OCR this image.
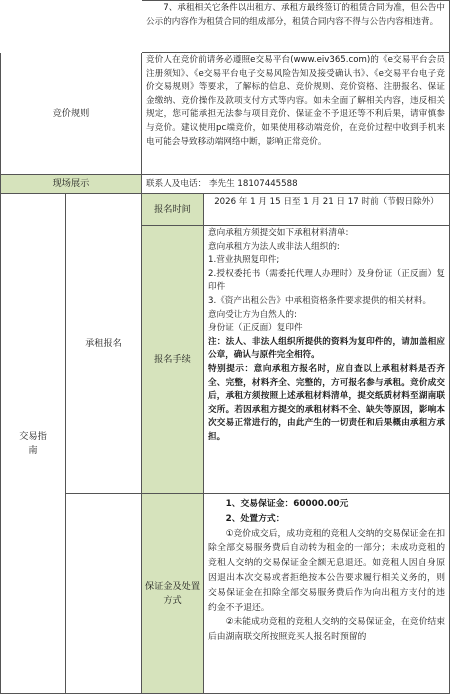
7、承租相关它条件以出租方、承租方最终签订的租赁合同为准，但公告中公示的内容作为租赁合同的组成部分，租赁合同内容不得与公告内容相违背。
竞价规则
竞价人在竞价前请务必遵照e交易平台(www.eiv365.com)的《e交易平台会员注册须知》、《e交易平台电子交易风险告知及接受确认书》、《e交易平台电子竞价交易规则》等要求，了解标的信息、竞价规则、竞价资格、注册报名、保证金缴纳、竞价操作及款项支付方式等内容。如未全面了解相关内容，违反相关规定，您可能承担无法参与项目竞价、保证金不予退还等不利后果，请审慎参与竞价。建议使用pc端竞价，如果使用移动端竞价，在竞价过程中收到手机来电可能会导致移动端网络中断，影响正常竞价。
现场展示	联系人及电话： 李先生 18107445588
交易指南
承租报名
报名时间
2026 年 1 月 15 日至 1 月 21 日 17 时前（节假日除外）
报名手续
意向承租方须提交如下承租材料清单:
意向承租方为法人或非法人组织的:
1.营业执照复印件;
2.授权委托书（需委托代理人办理时）及身份证（正反面）复印件
3.《资产出租公告》中承租资格条件要求提供的相关材料。
意向受让方为自然人的:
身份证（正反面）复印件
注：法人、非法人组织所提供的资料为复印件的，请加盖相应公章，确认与原件完全相符。
特别提示：意向承租方报名时，应自查以上承租材料是否齐全、完整，材料齐全、完整的，方可报名参与承租。竞价成交后，承租方须按照上述承租材料清单，提交纸质材料至湖南联交所。若因承租方提交的承租材料不全、缺失等原因，影响本次交易正常进行的，由此产生的一切责任和后果概由承租方承担。
保证金及处置方式
1、交易保证金：60000.00元
2、处置方式：
①竞价成交后，成功竞租的竞租人交纳的交易保证金在扣除全部交易服务费后自动转为租金的一部分；未成功竞租的竞租人交纳的交易保证金全额无息退还。如竞租人因自身原因退出本次交易或者拒绝按本公告要求履行相关义务的，则交易保证金在扣除全部交易服务费后作为向出租方支付的违约金不予退还。
②未能成功竞租的竞租人交纳的交易保证金，在竞价结束后由湖南联交所按照竞买人报名时预留的
